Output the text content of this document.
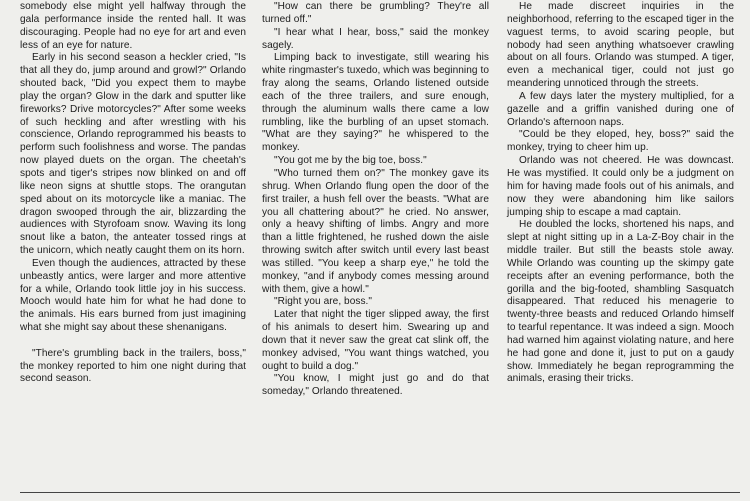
somebody else might yell halfway through the gala performance inside the rented hall. It was discouraging. People had no eye for art and even less of an eye for nature.

Early in his second season a heckler cried, "Is that all they do, jump around and growl?" Orlando shouted back, "Did you expect them to maybe play the organ? Glow in the dark and sputter like fireworks? Drive motorcycles?" After some weeks of such heckling and after wrestling with his conscience, Orlando reprogrammed his beasts to perform such foolishness and worse. The pandas now played duets on the organ. The cheetah's spots and tiger's stripes now blinked on and off like neon signs at shuttle stops. The orangutan sped about on its motorcycle like a maniac. The dragon swooped through the air, blizzarding the audiences with Styrofoam snow. Waving its long snout like a baton, the anteater tossed rings at the unicorn, which neatly caught them on its horn.

Even though the audiences, attracted by these unbeastly antics, were larger and more attentive for a while, Orlando took little joy in his success. Mooch would hate him for what he had done to the animals. His ears burned from just imagining what she might say about these shenanigans.

"There's grumbling back in the trailers, boss," the monkey reported to him one night during that second season.

"How can there be grumbling? They're all turned off."

"I hear what I hear, boss," said the monkey sagely.

Limping back to investigate, still wearing his white ringmaster's tuxedo, which was beginning to fray along the seams, Orlando listened outside each of the three trailers, and sure enough, through the aluminum walls there came a low rumbling, like the burbling of an upset stomach. "What are they saying?" he whispered to the monkey.

"You got me by the big toe, boss."

"Who turned them on?" The monkey gave its shrug. When Orlando flung open the door of the first trailer, a hush fell over the beasts. "What are you all chattering about?" he cried. No answer, only a heavy shifting of limbs. Angry and more than a little frightened, he rushed down the aisle throwing switch after switch until every last beast was stilled. "You keep a sharp eye," he told the monkey, "and if anybody comes messing around with them, give a howl."

"Right you are, boss."

Later that night the tiger slipped away, the first of his animals to desert him. Swearing up and down that it never saw the great cat slink off, the monkey advised, "You want things watched, you ought to build a dog."

"You know, I might just go and do that someday," Orlando threatened.

He made discreet inquiries in the neighborhood, referring to the escaped tiger in the vaguest terms, to avoid scaring people, but nobody had seen anything whatsoever crawling about on all fours. Orlando was stumped. A tiger, even a mechanical tiger, could not just go meandering unnoticed through the streets.

A few days later the mystery multiplied, for a gazelle and a griffin vanished during one of Orlando's afternoon naps.

"Could be they eloped, hey, boss?" said the monkey, trying to cheer him up.

Orlando was not cheered. He was downcast. He was mystified. It could only be a judgment on him for having made fools out of his animals, and now they were abandoning him like sailors jumping ship to escape a mad captain.

He doubled the locks, shortened his naps, and slept at night sitting up in a La-Z-Boy chair in the middle trailer. But still the beasts stole away. While Orlando was counting up the skimpy gate receipts after an evening performance, both the gorilla and the big-footed, shambling Sasquatch disappeared. That reduced his menagerie to twenty-three beasts and reduced Orlando himself to tearful repentance. It was indeed a sign. Mooch had warned him against violating nature, and here he had gone and done it, just to put on a gaudy show. Immediately he began reprogramming the animals, erasing their tricks.
